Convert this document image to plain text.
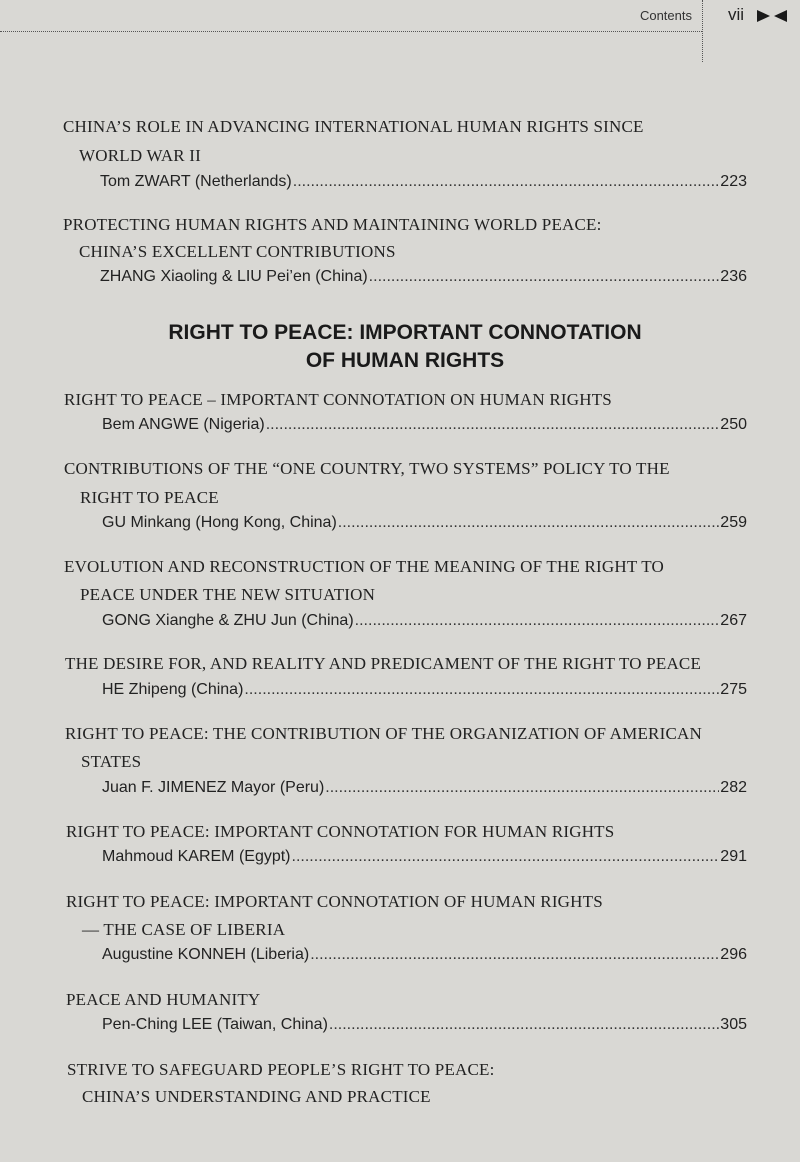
Contents vii
CHINA’S ROLE IN ADVANCING INTERNATIONAL HUMAN RIGHTS SINCE
WORLD WAR II
Tom ZWART (Netherlands) .....	223
PROTECTING HUMAN RIGHTS AND MAINTAINING WORLD PEACE:
CHINA’S EXCELLENT CONTRIBUTIONS
ZHANG Xiaoling & LIU Pei’en (China) .....	236
RIGHT TO PEACE: IMPORTANT CONNOTATION
OF HUMAN RIGHTS
RIGHT TO PEACE – IMPORTANT CONNOTATION ON HUMAN RIGHTS
Bem ANGWE (Nigeria) .....	250
CONTRIBUTIONS OF THE “ONE COUNTRY, TWO SYSTEMS” POLICY TO THE
RIGHT TO PEACE
GU Minkang (Hong Kong, China) .....	259
EVOLUTION AND RECONSTRUCTION OF THE MEANING OF THE RIGHT TO
PEACE UNDER THE NEW SITUATION
GONG Xianghe & ZHU Jun (China) .....	267
THE DESIRE FOR, AND REALITY AND PREDICAMENT OF THE RIGHT TO PEACE
HE Zhipeng (China) .....	275
RIGHT TO PEACE: THE CONTRIBUTION OF THE ORGANIZATION OF AMERICAN
STATES
Juan F. JIMENEZ Mayor (Peru) .....	282
RIGHT TO PEACE: IMPORTANT CONNOTATION FOR HUMAN RIGHTS
Mahmoud KAREM (Egypt) .....	291
RIGHT TO PEACE: IMPORTANT CONNOTATION OF HUMAN RIGHTS
— THE CASE OF LIBERIA
Augustine KONNEH (Liberia) .....	296
PEACE AND HUMANITY
Pen-Ching LEE (Taiwan, China) .....	305
STRIVE TO SAFEGUARD PEOPLE’S RIGHT TO PEACE:
CHINA’S UNDERSTANDING AND PRACTICE
